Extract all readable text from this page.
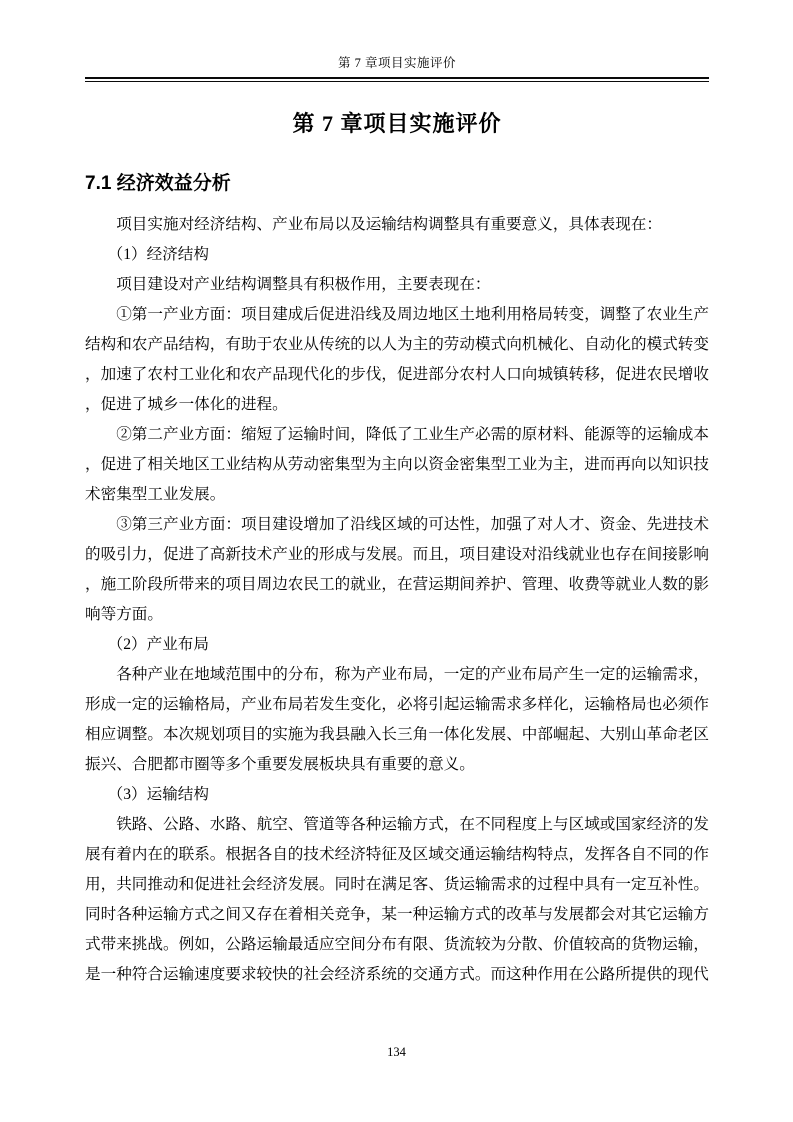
第 7 章项目实施评价
第 7 章项目实施评价
7.1 经济效益分析

项目实施对经济结构、产业布局以及运输结构调整具有重要意义，具体表现在：

（1）经济结构

项目建设对产业结构调整具有积极作用，主要表现在：

①第一产业方面：项目建成后促进沿线及周边地区土地利用格局转变，调整了农业生产结构和农产品结构，有助于农业从传统的以人为主的劳动模式向机械化、自动化的模式转变，加速了农村工业化和农产品现代化的步伐，促进部分农村人口向城镇转移，促进农民增收，促进了城乡一体化的进程。

②第二产业方面：缩短了运输时间，降低了工业生产必需的原材料、能源等的运输成本，促进了相关地区工业结构从劳动密集型为主向以资金密集型工业为主，进而再向以知识技术密集型工业发展。

③第三产业方面：项目建设增加了沿线区域的可达性，加强了对人才、资金、先进技术的吸引力，促进了高新技术产业的形成与发展。而且，项目建设对沿线就业也存在间接影响，施工阶段所带来的项目周边农民工的就业，在营运期间养护、管理、收费等就业人数的影响等方面。

（2）产业布局

各种产业在地域范围中的分布，称为产业布局，一定的产业布局产生一定的运输需求，形成一定的运输格局，产业布局若发生变化，必将引起运输需求多样化，运输格局也必须作相应调整。本次规划项目的实施为我县融入长三角一体化发展、中部崛起、大别山革命老区振兴、合肥都市圈等多个重要发展板块具有重要的意义。

（3）运输结构

铁路、公路、水路、航空、管道等各种运输方式，在不同程度上与区域或国家经济的发展有着内在的联系。根据各自的技术经济特征及区域交通运输结构特点，发挥各自不同的作用，共同推动和促进社会经济发展。同时在满足客、货运输需求的过程中具有一定互补性。同时各种运输方式之间又存在着相关竞争，某一种运输方式的改革与发展都会对其它运输方式带来挑战。例如，公路运输最适应空间分布有限、货流较为分散、价值较高的货物运输，是一种符合运输速度要求较快的社会经济系统的交通方式。而这种作用在公路所提供的现代

134
